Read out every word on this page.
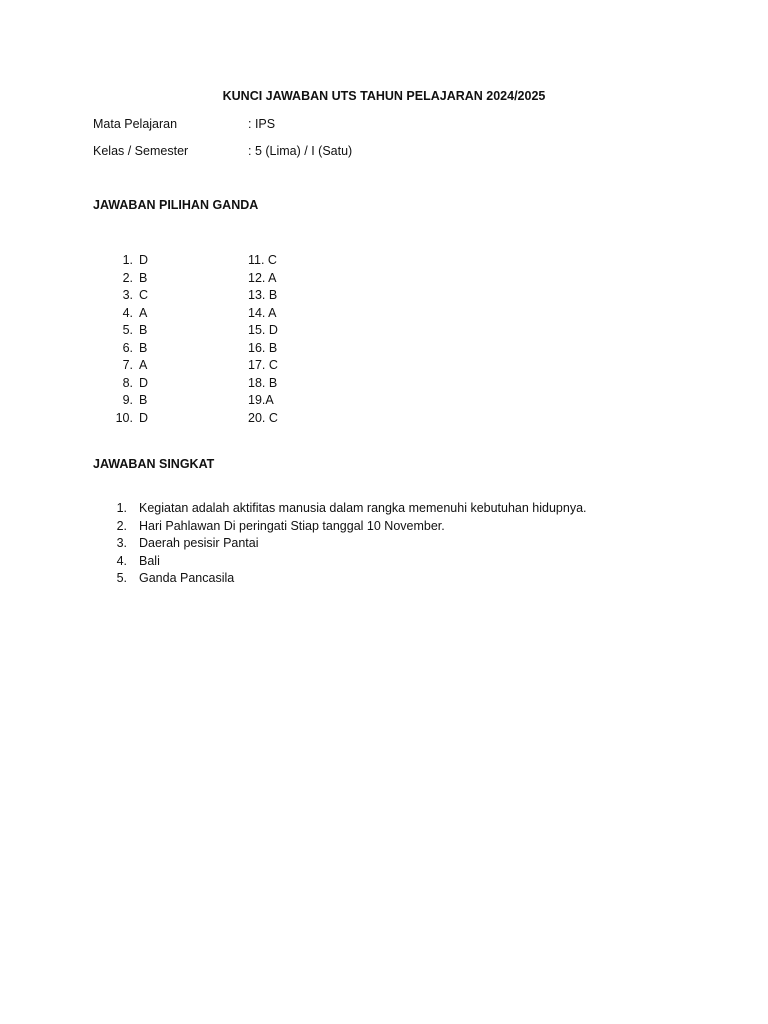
KUNCI JAWABAN UTS TAHUN PELAJARAN 2024/2025
Mata Pelajaran	: IPS
Kelas / Semester	: 5 (Lima) / I (Satu)
JAWABAN PILIHAN GANDA
1. D	11. C
2. B	12. A
3. C	13. B
4. A	14. A
5. B	15. D
6. B	16. B
7. A	17. C
8. D	18. B
9. B	19.A
10. D	20. C
JAWABAN SINGKAT
1. Kegiatan adalah aktifitas manusia dalam rangka memenuhi kebutuhan hidupnya.
2. Hari Pahlawan Di peringati Stiap tanggal 10 November.
3. Daerah pesisir Pantai
4. Bali
5. Ganda Pancasila
